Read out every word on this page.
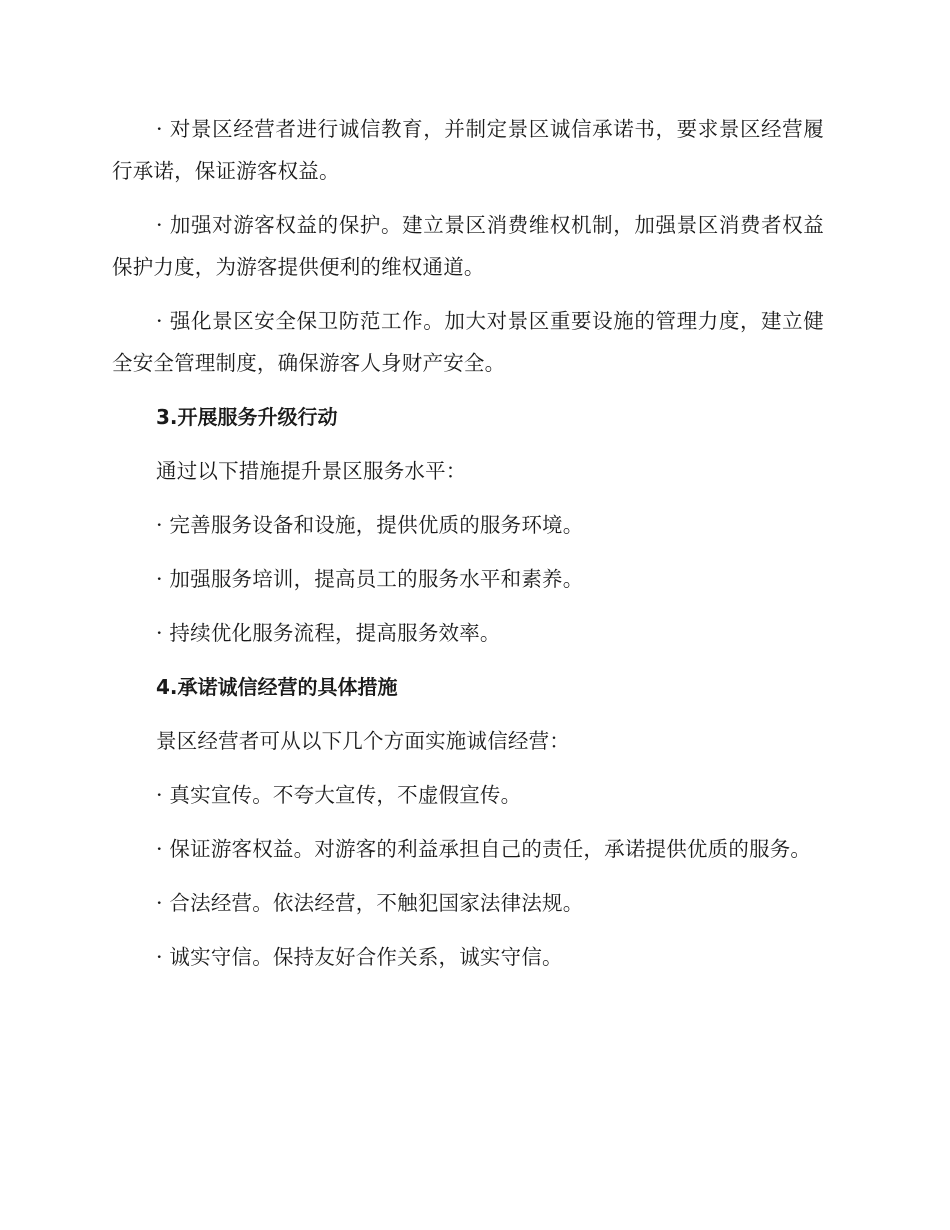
· 对景区经营者进行诚信教育，并制定景区诚信承诺书，要求景区经营履行承诺，保证游客权益。

· 加强对游客权益的保护。建立景区消费维权机制，加强景区消费者权益保护力度，为游客提供便利的维权通道。

· 强化景区安全保卫防范工作。加大对景区重要设施的管理力度，建立健全安全管理制度，确保游客人身财产安全。

3.开展服务升级行动

通过以下措施提升景区服务水平：

· 完善服务设备和设施，提供优质的服务环境。

· 加强服务培训，提高员工的服务水平和素养。

· 持续优化服务流程，提高服务效率。

4.承诺诚信经营的具体措施

景区经营者可从以下几个方面实施诚信经营：

· 真实宣传。不夸大宣传，不虚假宣传。

· 保证游客权益。对游客的利益承担自己的责任，承诺提供优质的服务。

· 合法经营。依法经营，不触犯国家法律法规。

· 诚实守信。保持友好合作关系，诚实守信。
